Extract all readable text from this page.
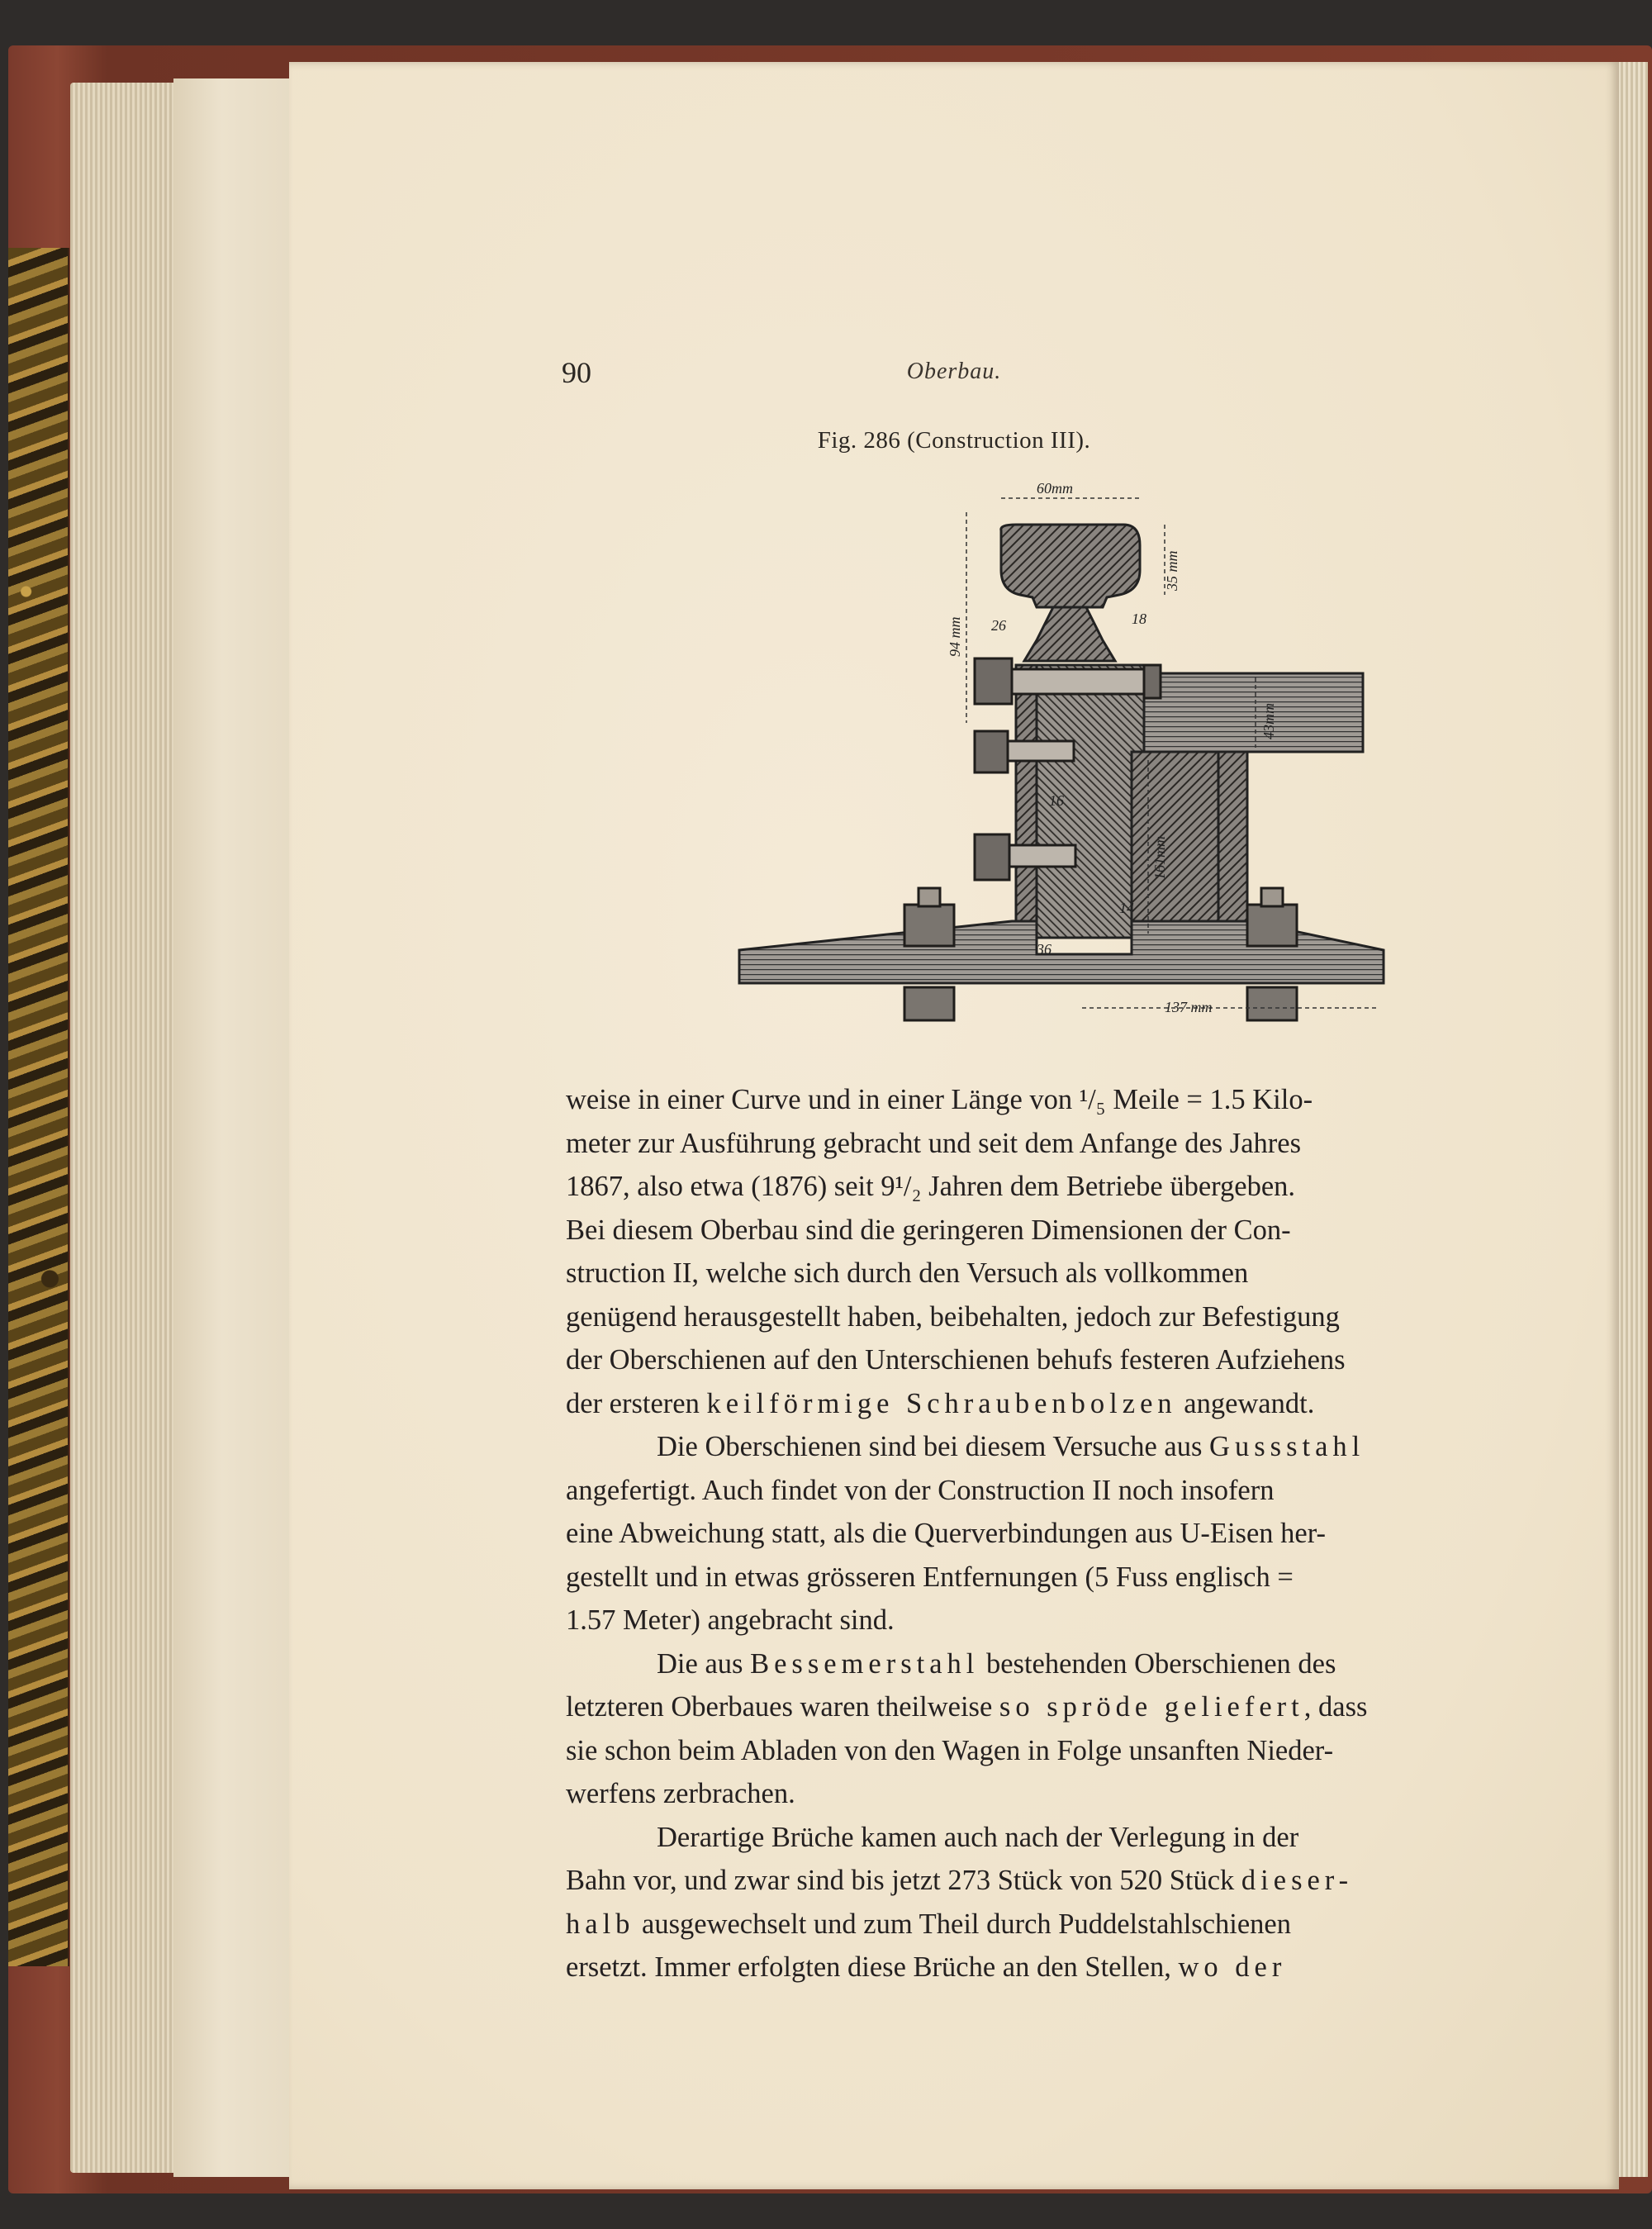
90	Oberbau.
Fig. 286 (Construction III).
60mm
35 mm
94 mm
43mm
161mm
137 mm
26	18
14
36
16

weise in einer Curve und in einer Länge von ¹/₅ Meile = 1.5 Kilo-
meter zur Ausführung gebracht und seit dem Anfange des Jahres
1867, also etwa (1876) seit 9¹/₂ Jahren dem Betriebe übergeben.
Bei diesem Oberbau sind die geringeren Dimensionen der Con-
struction II, welche sich durch den Versuch als vollkommen
genügend herausgestellt haben, beibehalten, jedoch zur Befestigung
der Oberschienen auf den Unterschienen behufs festeren Aufziehens
der ersteren keilförmige Schraubenbolzen angewandt.

Die Oberschienen sind bei diesem Versuche aus Gussstahl
angefertigt. Auch findet von der Construction II noch insofern
eine Abweichung statt, als die Querverbindungen aus U-Eisen her-
gestellt und in etwas grösseren Entfernungen (5 Fuss englisch =
1.57 Meter) angebracht sind.

Die aus Bessemerstahl bestehenden Oberschienen des
letzteren Oberbaues waren theilweise so spröde geliefert, dass
sie schon beim Abladen von den Wagen in Folge unsanften Nieder-
werfens zerbrachen.

Derartige Brüche kamen auch nach der Verlegung in der
Bahn vor, und zwar sind bis jetzt 273 Stück von 520 Stück dieser-
halb ausgewechselt und zum Theil durch Puddelstahlschienen
ersetzt. Immer erfolgten diese Brüche an den Stellen, wo der
